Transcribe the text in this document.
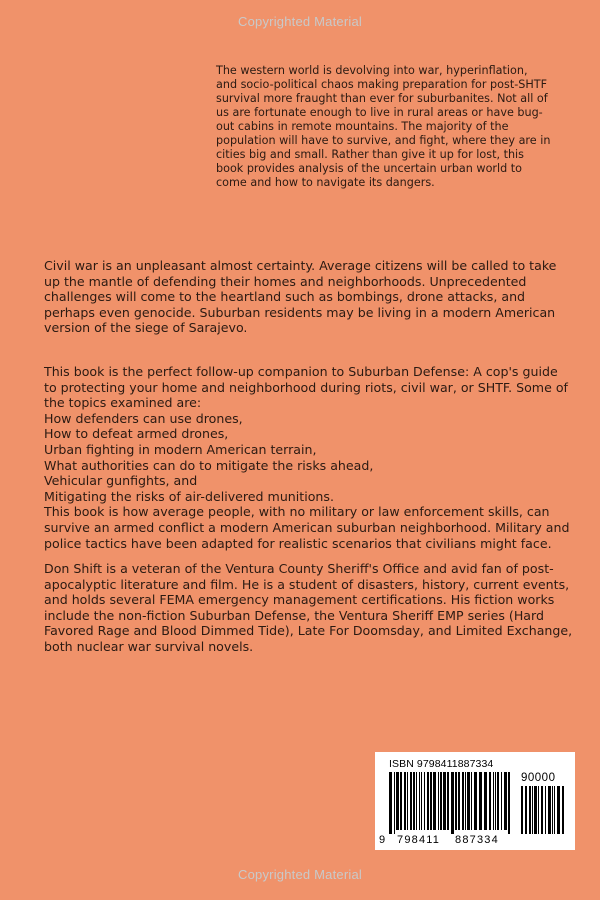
Copyrighted Material

The western world is devolving into war, hyperinflation, and socio-political chaos making preparation for post-SHTF survival more fraught than ever for suburbanites. Not all of us are fortunate enough to live in rural areas or have bug-out cabins in remote mountains. The majority of the population will have to survive, and fight, where they are in cities big and small. Rather than give it up for lost, this book provides analysis of the uncertain urban world to come and how to navigate its dangers.

Civil war is an unpleasant almost certainty. Average citizens will be called to take up the mantle of defending their homes and neighborhoods. Unprecedented challenges will come to the heartland such as bombings, drone attacks, and perhaps even genocide. Suburban residents may be living in a modern American version of the siege of Sarajevo.

This book is the perfect follow-up companion to Suburban Defense: A cop's guide to protecting your home and neighborhood during riots, civil war, or SHTF. Some of the topics examined are:
How defenders can use drones,
How to defeat armed drones,
Urban fighting in modern American terrain,
What authorities can do to mitigate the risks ahead,
Vehicular gunfights, and
Mitigating the risks of air-delivered munitions.
This book is how average people, with no military or law enforcement skills, can survive an armed conflict a modern American suburban neighborhood. Military and police tactics have been adapted for realistic scenarios that civilians might face.

Don Shift is a veteran of the Ventura County Sheriff's Office and avid fan of post-apocalyptic literature and film. He is a student of disasters, history, current events, and holds several FEMA emergency management certifications. His fiction works include the non-fiction Suburban Defense, the Ventura Sheriff EMP series (Hard Favored Rage and Blood Dimmed Tide), Late For Doomsday, and Limited Exchange, both nuclear war survival novels.

ISBN 9798411887334
90000
9 798411 887334
Copyrighted Material
